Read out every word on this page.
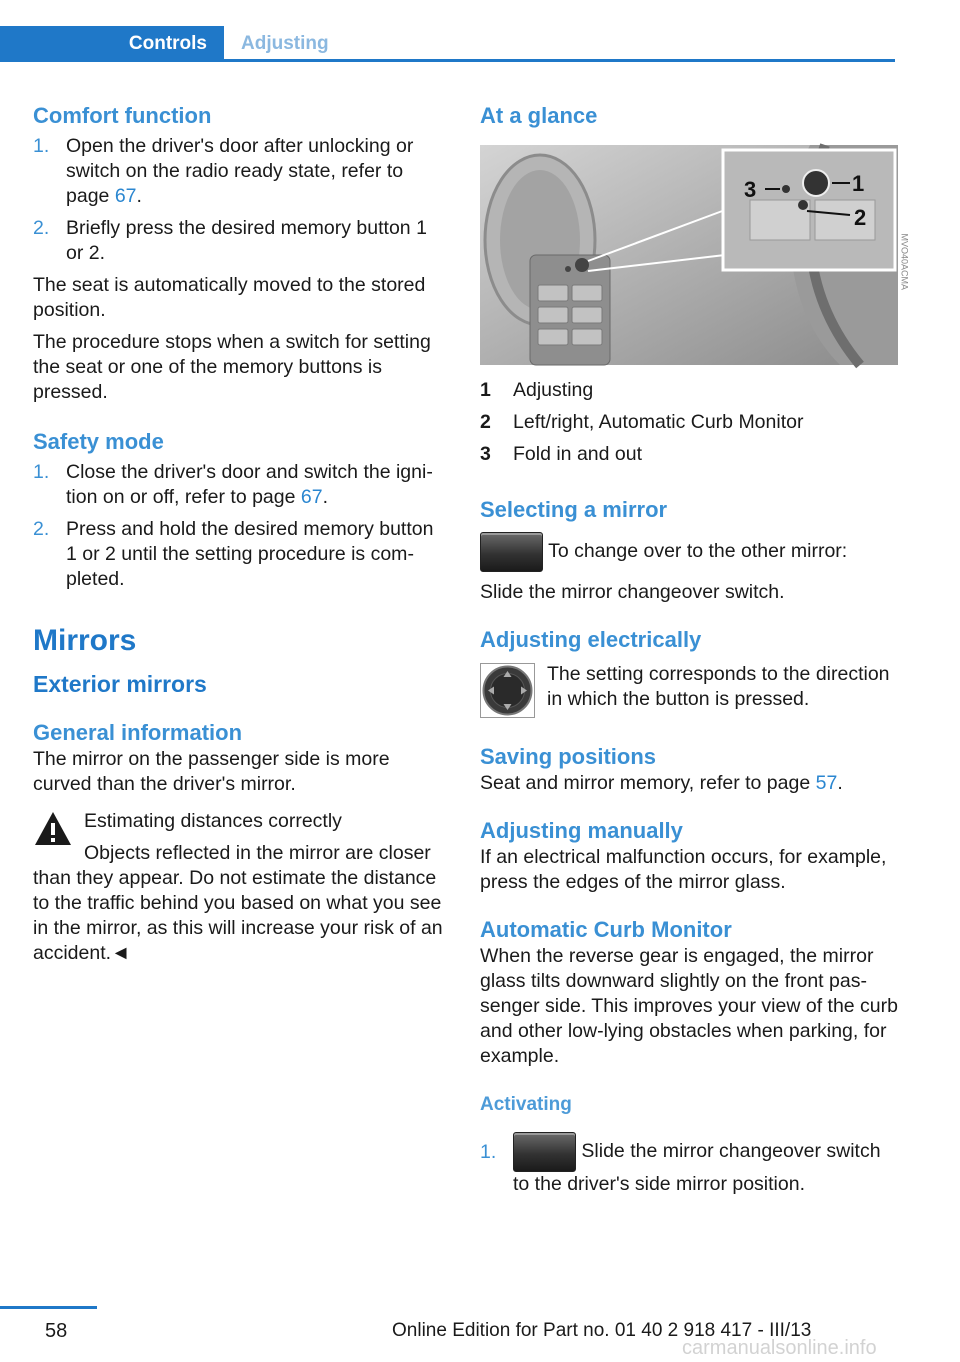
Controls	Adjusting
Comfort function
1. Open the driver's door after unlocking or switch on the radio ready state, refer to page 67.
2. Briefly press the desired memory button 1 or 2.

The seat is automatically moved to the stored position.

The procedure stops when a switch for setting the seat or one of the memory buttons is pressed.

Safety mode
1. Close the driver's door and switch the ignition on or off, refer to page 67.
2. Press and hold the desired memory button 1 or 2 until the setting procedure is completed.
Mirrors
Exterior mirrors
General information

The mirror on the passenger side is more curved than the driver's mirror.

Estimating distances correctly

Objects reflected in the mirror are closer than they appear. Do not estimate the distance to the traffic behind you based on what you see in the mirror, as this will increase your risk of an accident.◄

At a glance
1
2
3
MVO40ACMA
1 Adjusting
2 Left/right, Automatic Curb Monitor
3 Fold in and out
Selecting a mirror

To change over to the other mirror:

Slide the mirror changeover switch.

Adjusting electrically

The setting corresponds to the direction in which the button is pressed.

Saving positions

Seat and mirror memory, refer to page 57.

Adjusting manually

If an electrical malfunction occurs, for example, press the edges of the mirror glass.

Automatic Curb Monitor

When the reverse gear is engaged, the mirror glass tilts downward slightly on the front passenger side. This improves your view of the curb and other low-lying obstacles when parking, for example.

Activating
1.	Slide the mirror changeover switch to the driver's side mirror position.
58	Online Edition for Part no. 01 40 2 918 417 - III/13
carmanualsonline.info
